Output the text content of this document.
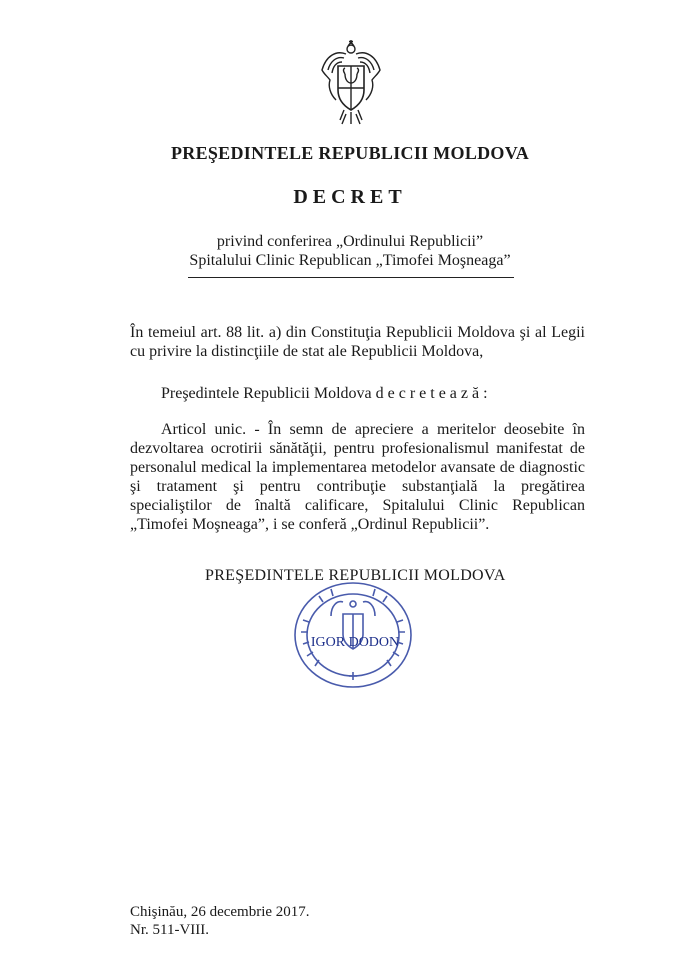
PREŞEDINTELE REPUBLICII MOLDOVA
DECRET
privind conferirea „Ordinului Republicii”
Spitalului Clinic Republican „Timofei Moşneaga”
În temeiul art. 88 lit. a) din Constituţia Republicii Moldova şi al Legii cu privire la distincţiile de stat ale Republicii Moldova,
Preşedintele Republicii Moldova decretează:
Articol unic. - În semn de apreciere a meritelor deosebite în dezvoltarea ocrotirii sănătăţii, pentru profesionalismul manifestat de personalul medical la implementarea metodelor avansate de diagnostic şi tratament şi pentru contribuţie substanţială la pregătirea specialiştilor de înaltă calificare, Spitalului Clinic Republican „Timofei Moşneaga”, i se conferă „Ordinul Republicii”.
PREŞEDINTELE REPUBLICII MOLDOVA
IGOR DODON
Chişinău, 26 decembrie 2017.
Nr. 511-VIII.
